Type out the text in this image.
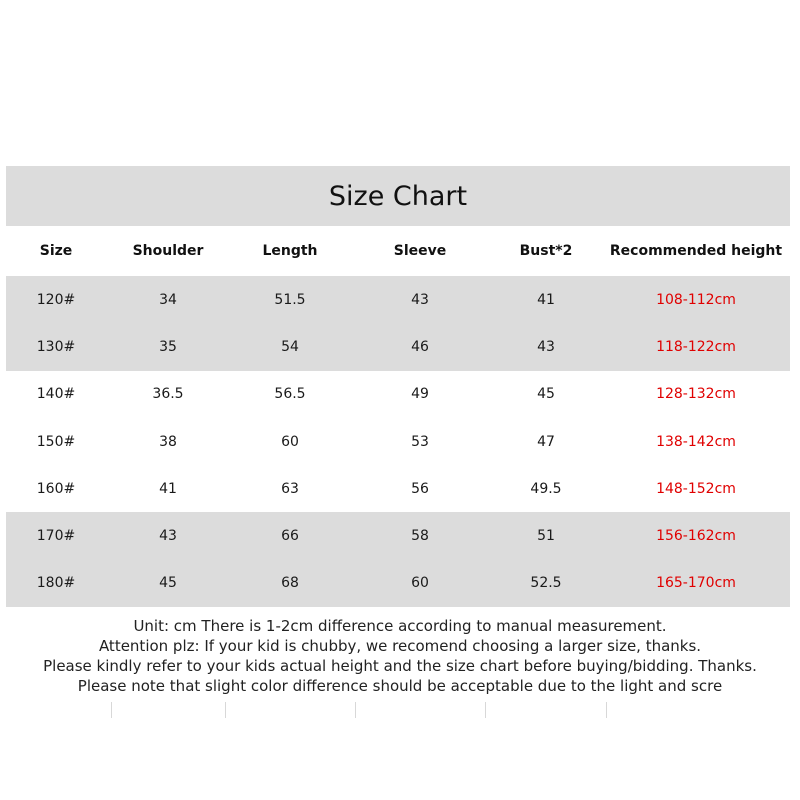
Size Chart
Size	Shoulder	Length	Sleeve	Bust*2	Recommended height
120#	34	51.5	43	41	108-112cm
130#	35	54	46	43	118-122cm
140#	36.5	56.5	49	45	128-132cm
150#	38	60	53	47	138-142cm
160#	41	63	56	49.5	148-152cm
170#	43	66	58	51	156-162cm
180#	45	68	60	52.5	165-170cm
Unit: cm There is 1-2cm difference according to manual measurement.
Attention plz: If your kid is chubby, we recomend choosing a larger size, thanks.
Please kindly refer to your kids actual height and the size chart before buying/bidding. Thanks.
Please note that slight color difference should be acceptable due to the light and scre
